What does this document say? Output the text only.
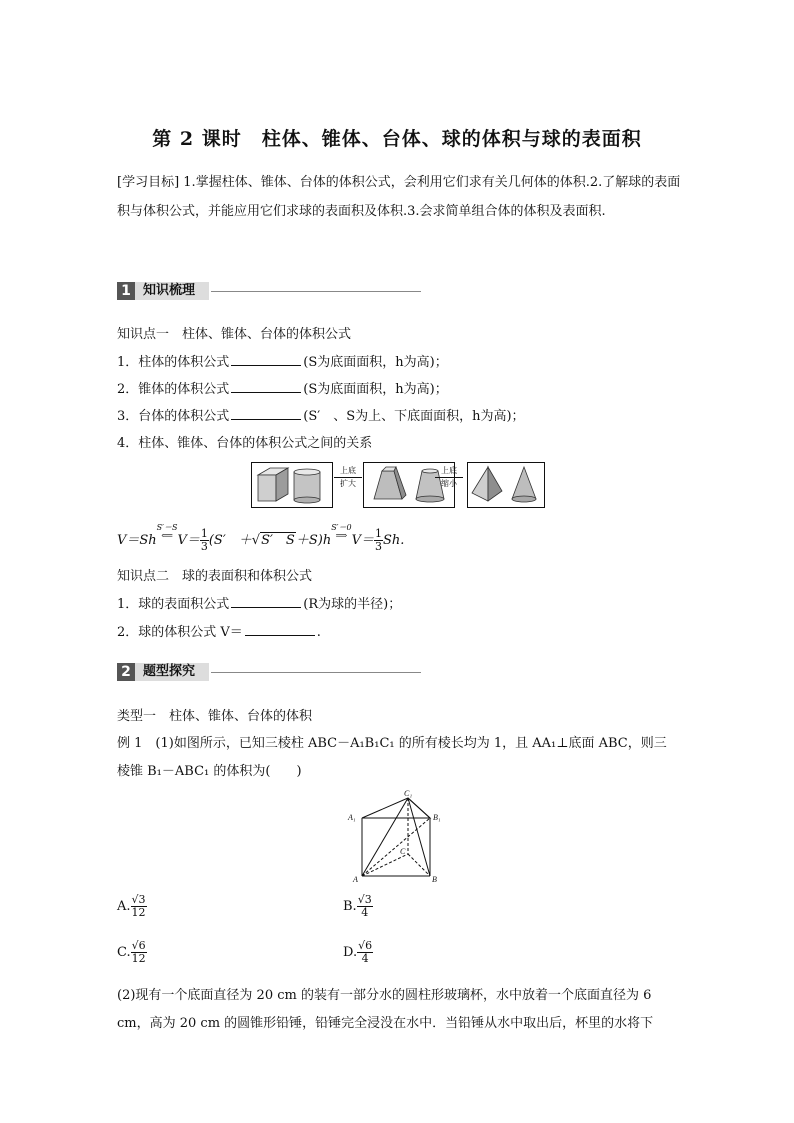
第 2 课时　柱体、锥体、台体、球的体积与球的表面积
[学习目标] 1.掌握柱体、锥体、台体的体积公式，会利用它们求有关几何体的体积.2.了解球的表面积与体积公式，并能应用它们求球的表面积及体积.3.会求简单组合体的体积及表面积.
1 知识梳理
知识点一　柱体、锥体、台体的体积公式
1．柱体的体积公式	(S为底面面积，h为高)；
2．锥体的体积公式	(S为底面面积，h为高)；
3．台体的体积公式	(S′　、S为上、下底面面积，h为高)；
4．柱体、锥体、台体的体积公式之间的关系
上底
扩大
上底
缩小
V＝ShS′＝S
⟸ $V= \frac{1}{3} (S'$　＋√S′　S＋S)hS′＝0
⟹ $V= \frac{1}{3} Sh$.
知识点二　球的表面积和体积公式
1．球的表面积公式	(R为球的半径)；
2．球的体积公式 V＝	.
2 题型探究
类型一　柱体、锥体、台体的体积
例 1　(1)如图所示，已知三棱柱 ABC－A₁B₁C₁ 的所有棱长均为 1，且 AA₁⊥底面 ABC，则三
棱锥 B₁－ABC₁ 的体积为(　　)
C₁
A₁	B₁
C
A	B
A. $\frac{√3}{12}$	B. $\frac{√3}{4}$
C. $\frac{√6}{12}$	D. $\frac{√6}{4}$
(2)现有一个底面直径为 20 cm 的装有一部分水的圆柱形玻璃杯，水中放着一个底面直径为 6
cm，高为 20 cm 的圆锥形铅锤，铅锤完全浸没在水中．当铅锤从水中取出后，杯里的水将下
